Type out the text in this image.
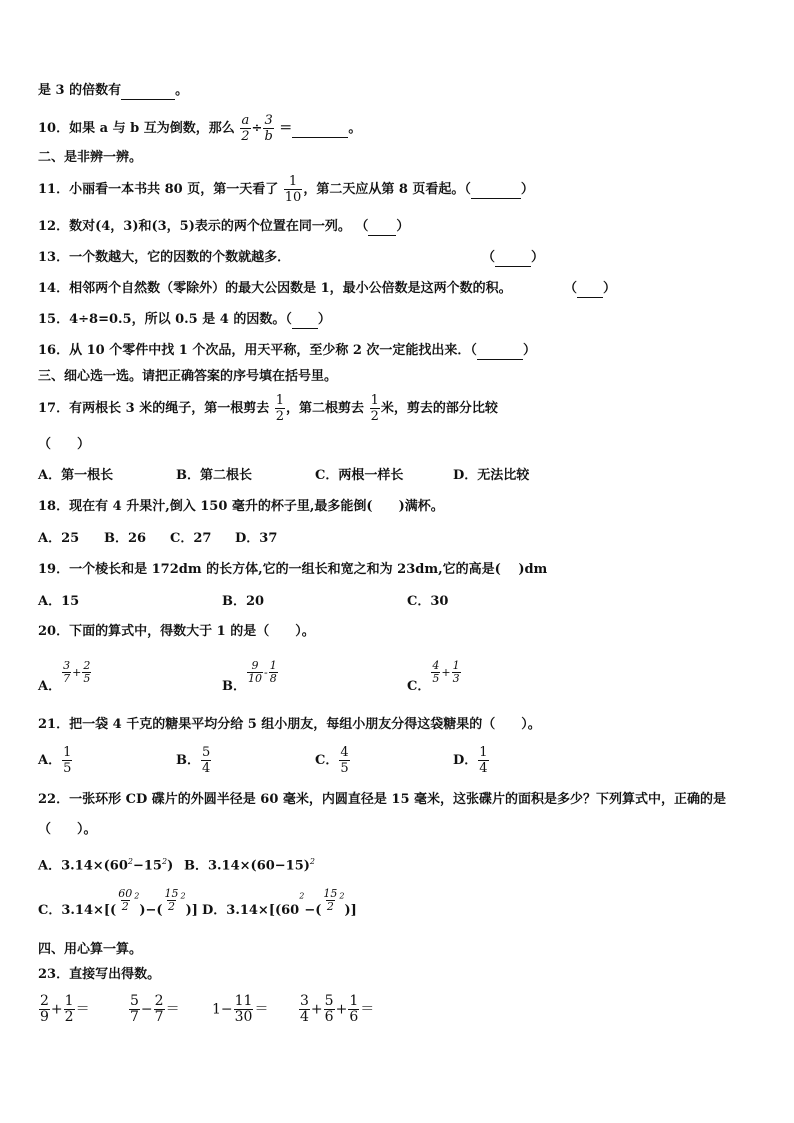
是 3 的倍数有	。
10．如果 a 与 b 互为倒数，那么 $\frac{a}{2} \div \frac{3}{b}$ ＝	。
二、是非辨一辨。
11．小丽看一本书共 80 页，第一天看了 $\frac{1}{10}$ ，第二天应从第 8 页看起。（	）
12．数对(4，3)和(3，5)表示的两个位置在同一列。 （ ）
13．一个数越大，它的因数的个数就越多．	（	）
14．相邻两个自然数（零除外）的最大公因数是 1，最小公倍数是这两个数的积。	（ ）
15．4÷8=0.5，所以 0.5 是 4 的因数。（ ）
16．从 10 个零件中找 1 个次品，用天平称，至少称 2 次一定能找出来．（	）
三、细心选一选。请把正确答案的序号填在括号里。
17．有两根长 3 米的绳子，第一根剪去 $\frac{1}{2}$ ，第二根剪去 $\frac{1}{2}$ 米，剪去的部分比较
（　　）
A．第一根长	B．第二根长	C．两根一样长	D．无法比较
18．现在有 4 升果汁,倒入 150 毫升的杯子里,最多能倒(　　)满杯。
A．25 B．26 C．27 D．37
19．一个棱长和是 172dm 的长方体,它的一组长和宽之和为 23dm,它的高是(　 )dm
A．15	B．20	C．30
20．下面的算式中，得数大于 1 的是（　　）。
A．
$\frac{3}{7} + \frac{2}{5}$
B．
$\frac{9}{10} - \frac{1}{8}$
C．
$\frac{4}{5} + \frac{1}{3}$
21．把一袋 4 千克的糖果平均分给 5 组小朋友，每组小朋友分得这袋糖果的（　　）。
A． $\frac{1}{5}$	B． $\frac{5}{4}$	C． $\frac{4}{5}$	D． $\frac{1}{4}$
22．一张环形 CD 碟片的外圆半径是 60 毫米，内圆直径是 15 毫米，这张碟片的面积是多少？下列算式中，正确的是
（　　）。
A．$3.14\times(60^2-15^2)$ B．$3.14\times(60-15)^2$
C．$3.14\times[( \frac{60}{2} ^2)-( \frac{15}{2} ^2)]$ D．$3.14\times[(60^2-( \frac{15}{2} ^2)]$
四、用心算一算。
23．直接写出得数。
$\frac{2}{9} + \frac{1}{2}$ ＝	$\frac{5}{7} - \frac{2}{7} = 1- \frac{11}{30} = \frac{3}{4} + \frac{5}{6} + \frac{1}{6}$ ＝
